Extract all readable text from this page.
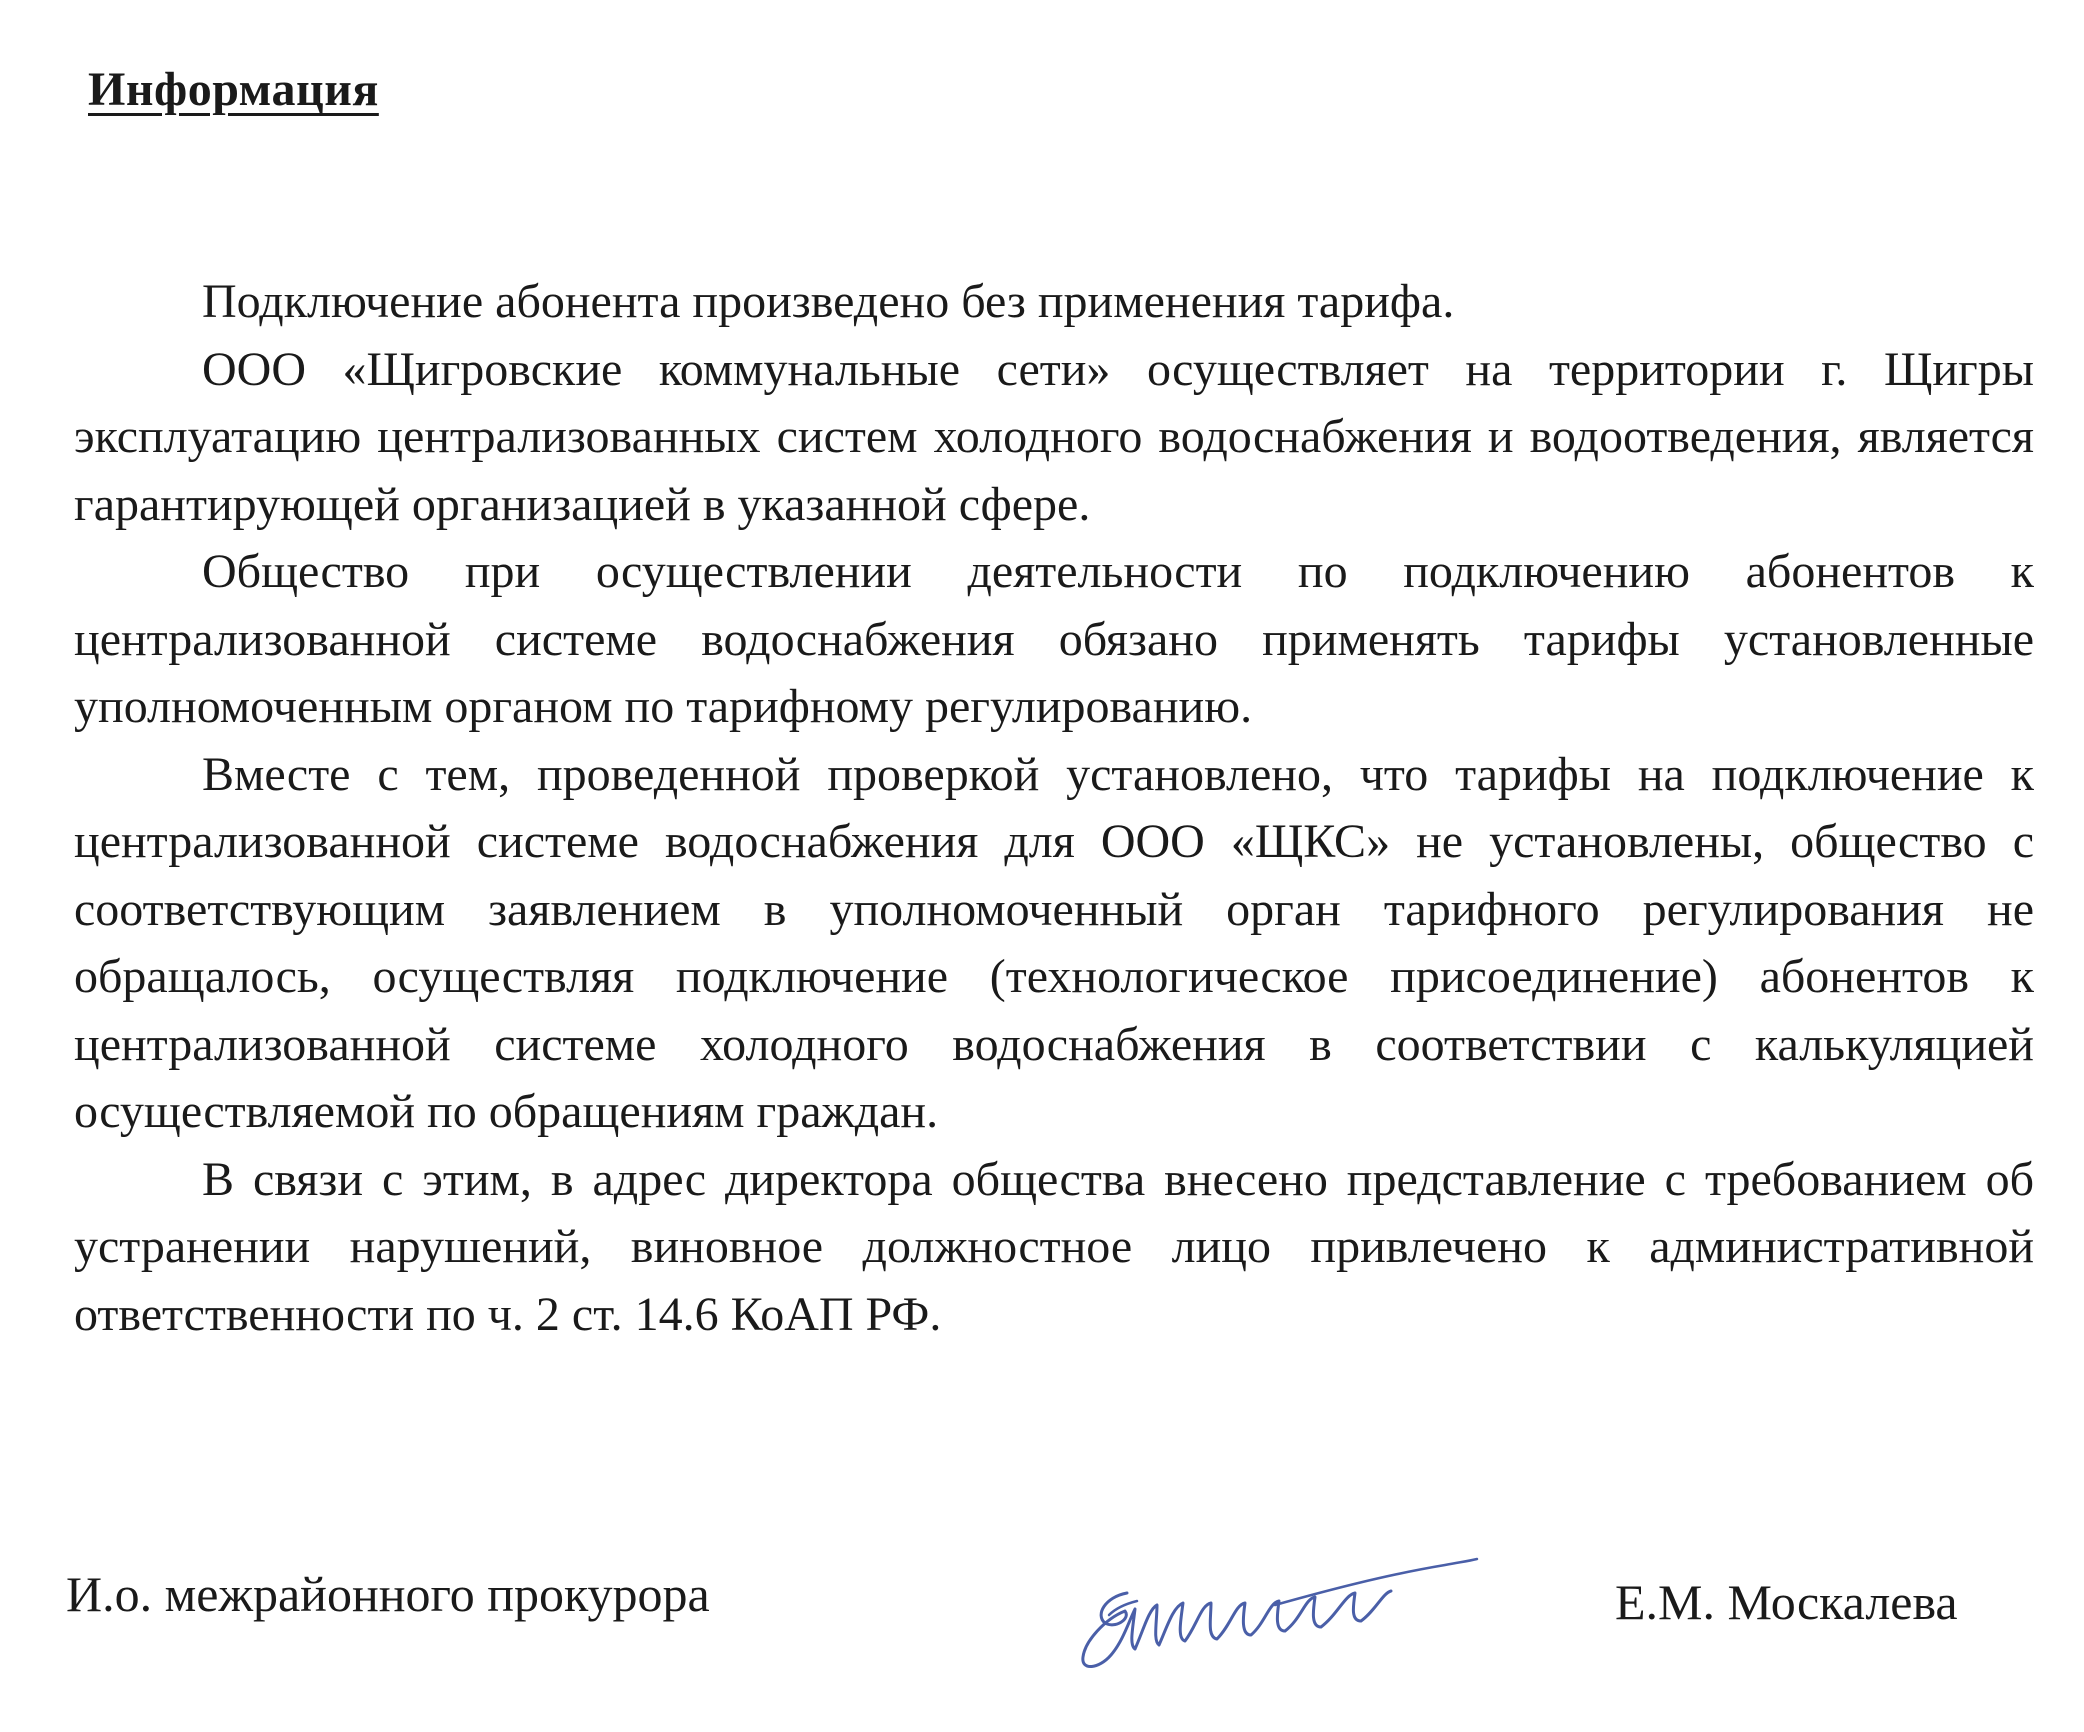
Информация

Подключение абонента произведено без применения тарифа.

ООО «Щигровские коммунальные сети» осуществляет на территории г. Щигры эксплуатацию централизованных систем холодного водоснабжения и водоотведения, является гарантирующей организацией в указанной сфере.

Общество при осуществлении деятельности по подключению абонентов к централизованной системе водоснабжения обязано применять тарифы установленные уполномоченным органом по тарифному регулированию.

Вместе с тем, проведенной проверкой установлено, что тарифы на подключение к централизованной системе водоснабжения для ООО «ЩКС» не установлены, общество с соответствующим заявлением в уполномоченный орган тарифного регулирования не обращалось, осуществляя подключение (технологическое присоединение) абонентов к централизованной системе холодного водоснабжения в соответствии с калькуляцией осуществляемой по обращениям граждан.

В связи с этим, в адрес директора общества внесено представление с требованием об устранении нарушений, виновное должностное лицо привлечено к административной ответственности по ч. 2 ст. 14.6 КоАП РФ.

И.о. межрайонного прокурора	Е.М. Москалева
